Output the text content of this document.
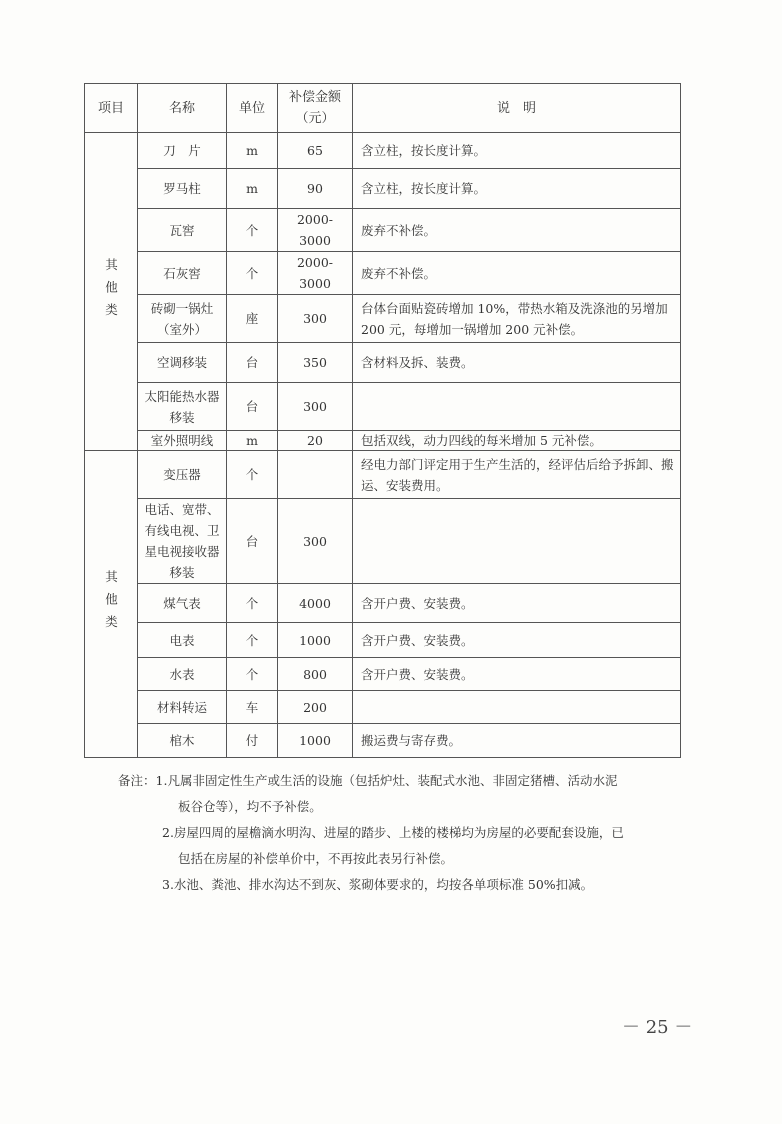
项目	名称	单位	补偿金额（元）	说　明
其他类	刀　片	m	65	含立柱，按长度计算。
	罗马柱	m	90	含立柱，按长度计算。
	瓦窖	个	2000-3000	废弃不补偿。
	石灰窖	个	2000-3000	废弃不补偿。
	砖砌一锅灶（室外）	座	300	台体台面贴瓷砖增加 10%，带热水箱及洗涤池的另增加 200 元，每增加一锅增加 200 元补偿。
	空调移装	台	350	含材料及拆、装费。
	太阳能热水器移装	台	300	
	室外照明线	m	20	包括双线，动力四线的每米增加 5 元补偿。
其他类	变压器	个		经电力部门评定用于生产生活的，经评估后给予拆卸、搬运、安装费用。
	电话、宽带、有线电视、卫星电视接收器移装	台	300	
	煤气表	个	4000	含开户费、安装费。
	电表	个	1000	含开户费、安装费。
	水表	个	800	含开户费、安装费。
	材料转运	车	200	
	棺木	付	1000	搬运费与寄存费。
备注：1.凡属非固定性生产或生活的设施（包括炉灶、装配式水池、非固定猪槽、活动水泥
板谷仓等），均不予补偿。
2.房屋四周的屋檐滴水明沟、进屋的踏步、上楼的楼梯均为房屋的必要配套设施，已
包括在房屋的补偿单价中，不再按此表另行补偿。
3.水池、粪池、排水沟达不到灰、浆砌体要求的，均按各单项标准 50%扣减。
－ 25 －
